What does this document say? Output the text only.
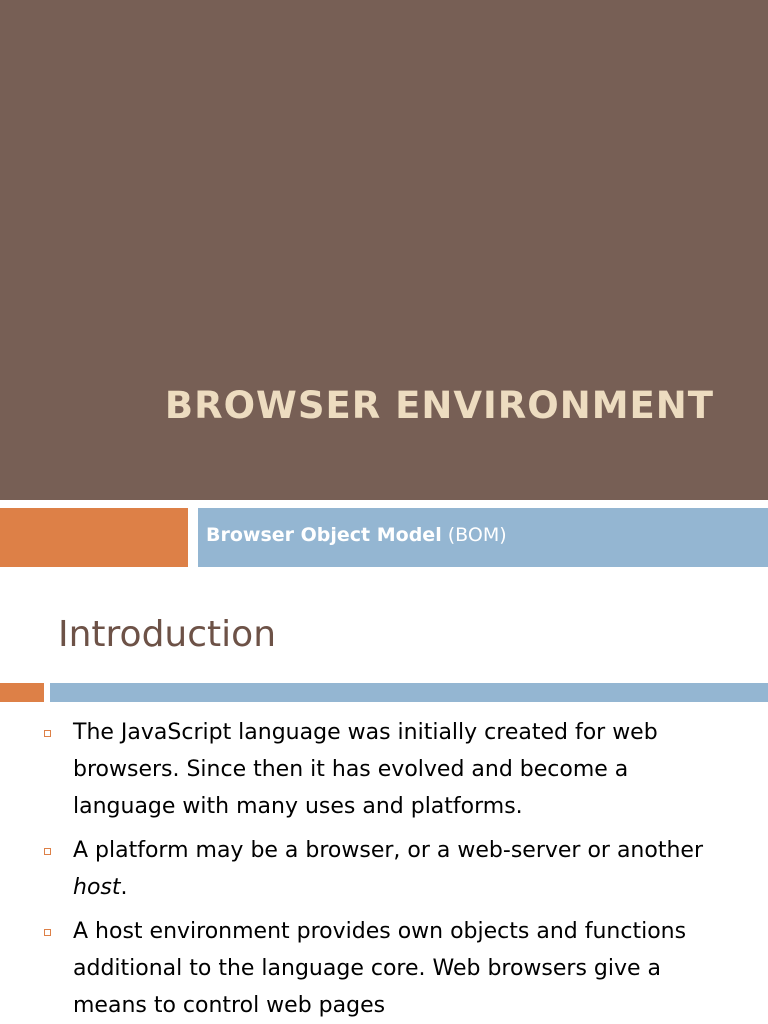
BROWSER ENVIRONMENT

Browser Object Model (BOM)

Introduction
The JavaScript language was initially created for web browsers. Since then it has evolved and become a language with many uses and platforms.
A platform may be a browser, or a web-server or another host.
A host environment provides own objects and functions additional to the language core. Web browsers give a means to control web pages
